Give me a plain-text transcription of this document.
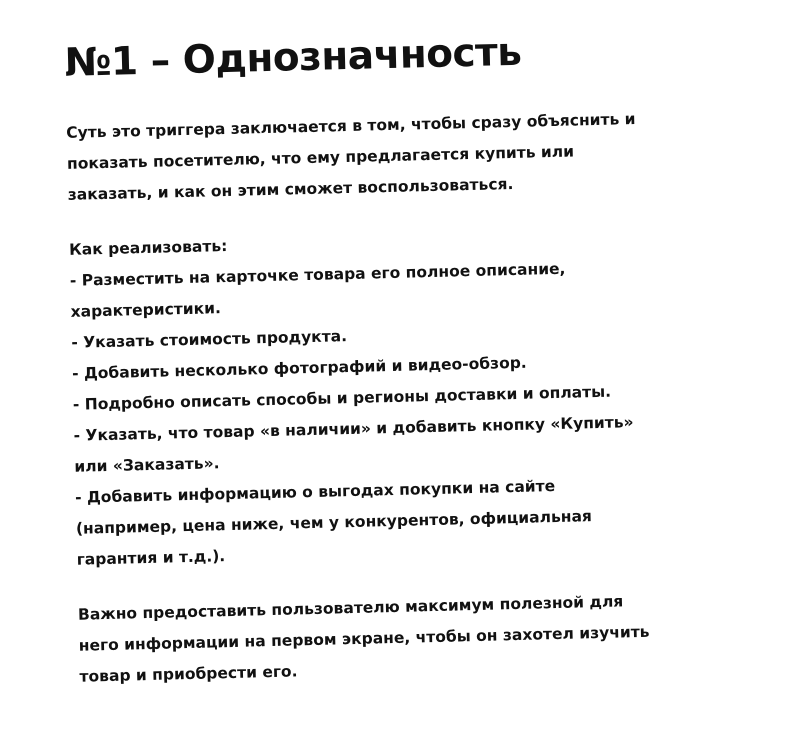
№1 – Однозначность
Суть это триггера заключается в том, чтобы сразу объяснить и
показать посетителю, что ему предлагается купить или
заказать, и как он этим сможет воспользоваться.
Как реализовать:
- Разместить на карточке товара его полное описание,
характеристики.
- Указать стоимость продукта.
- Добавить несколько фотографий и видео-обзор.
- Подробно описать способы и регионы доставки и оплаты.
- Указать, что товар «в наличии» и добавить кнопку «Купить»
или «Заказать».
- Добавить информацию о выгодах покупки на сайте
(например, цена ниже, чем у конкурентов, официальная
гарантия и т.д.).
Важно предоставить пользователю максимум полезной для
него информации на первом экране, чтобы он захотел изучить
товар и приобрести его.
